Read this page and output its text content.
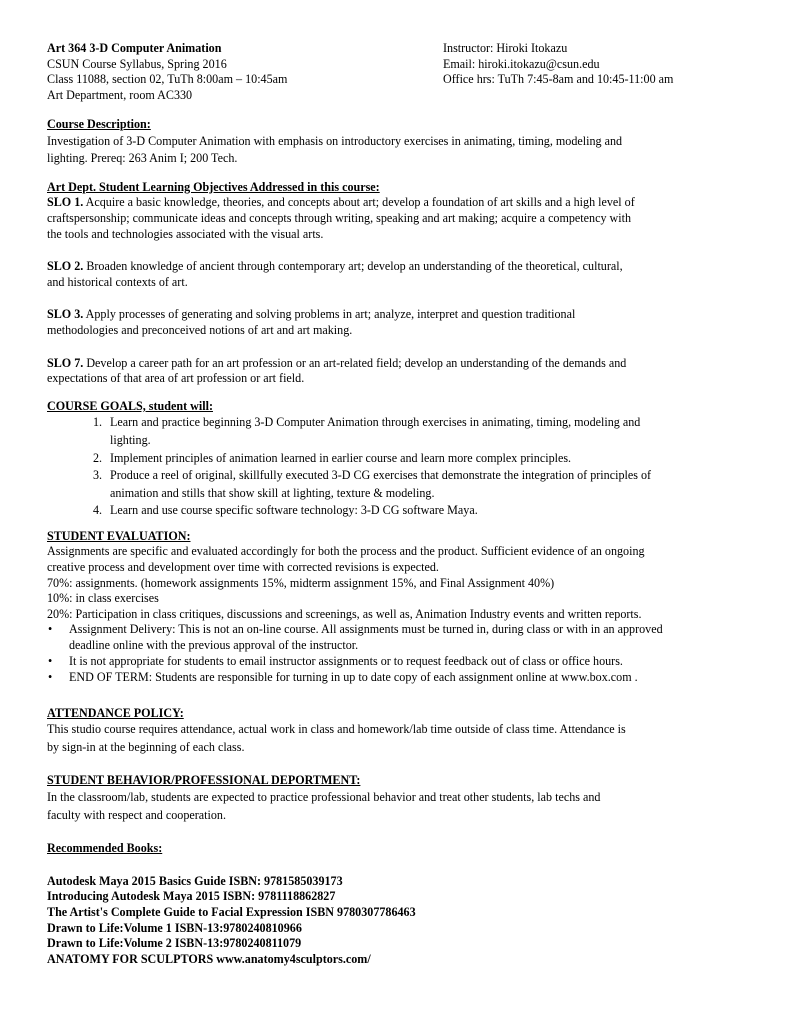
Art 364 3-D Computer Animation
CSUN Course Syllabus, Spring 2016
Class 11088, section 02, TuTh 8:00am – 10:45am
Art Department, room AC330
Instructor: Hiroki Itokazu
Email: hiroki.itokazu@csun.edu
Office hrs: TuTh 7:45-8am and 10:45-11:00 am
Course Description:
Investigation of 3-D Computer Animation with emphasis on introductory exercises in animating, timing, modeling and
lighting. Prereq: 263 Anim I; 200 Tech.
Art Dept. Student Learning Objectives Addressed in this course:
SLO 1. Acquire a basic knowledge, theories, and concepts about art; develop a foundation of art skills and a high level of
craftspersonship; communicate ideas and concepts through writing, speaking and art making; acquire a competency with
the tools and technologies associated with the visual arts.
SLO 2. Broaden knowledge of ancient through contemporary art; develop an understanding of the theoretical, cultural,
and historical contexts of art.
SLO 3. Apply processes of generating and solving problems in art; analyze, interpret and question traditional
methodologies and preconceived notions of art and art making.
SLO 7. Develop a career path for an art profession or an art-related field; develop an understanding of the demands and
expectations of that area of art profession or art field.
COURSE GOALS, student will:
1. Learn and practice beginning 3-D Computer Animation through exercises in animating, timing, modeling and
lighting.
2. Implement principles of animation learned in earlier course and learn more complex principles.
3. Produce a reel of original, skillfully executed 3-D CG exercises that demonstrate the integration of principles of
animation and stills that show skill at lighting, texture & modeling.
4. Learn and use course specific software technology: 3-D CG software Maya.
STUDENT EVALUATION:
Assignments are specific and evaluated accordingly for both the process and the product. Sufficient evidence of an ongoing
creative process and development over time with corrected revisions is expected.
70%: assignments. (homework assignments 15%, midterm assignment 15%, and Final Assignment 40%)
10%: in class exercises
20%: Participation in class critiques, discussions and screenings, as well as, Animation Industry events and written reports.
• Assignment Delivery: This is not an on-line course. All assignments must be turned in, during class or with in an approved
deadline online with the previous approval of the instructor.
• It is not appropriate for students to email instructor assignments or to request feedback out of class or office hours.
• END OF TERM: Students are responsible for turning in up to date copy of each assignment online at www.box.com .
ATTENDANCE POLICY:
This studio course requires attendance, actual work in class and homework/lab time outside of class time. Attendance is
by sign-in at the beginning of each class.
STUDENT BEHAVIOR/PROFESSIONAL DEPORTMENT:
In the classroom/lab, students are expected to practice professional behavior and treat other students, lab techs and
faculty with respect and cooperation.
Recommended Books:
Autodesk Maya 2015 Basics Guide ISBN: 9781585039173
Introducing Autodesk Maya 2015 ISBN: 9781118862827
The Artist's Complete Guide to Facial Expression ISBN 9780307786463
Drawn to Life:Volume 1 ISBN-13:9780240810966
Drawn to Life:Volume 2 ISBN-13:9780240811079
ANATOMY FOR SCULPTORS www.anatomy4sculptors.com/
